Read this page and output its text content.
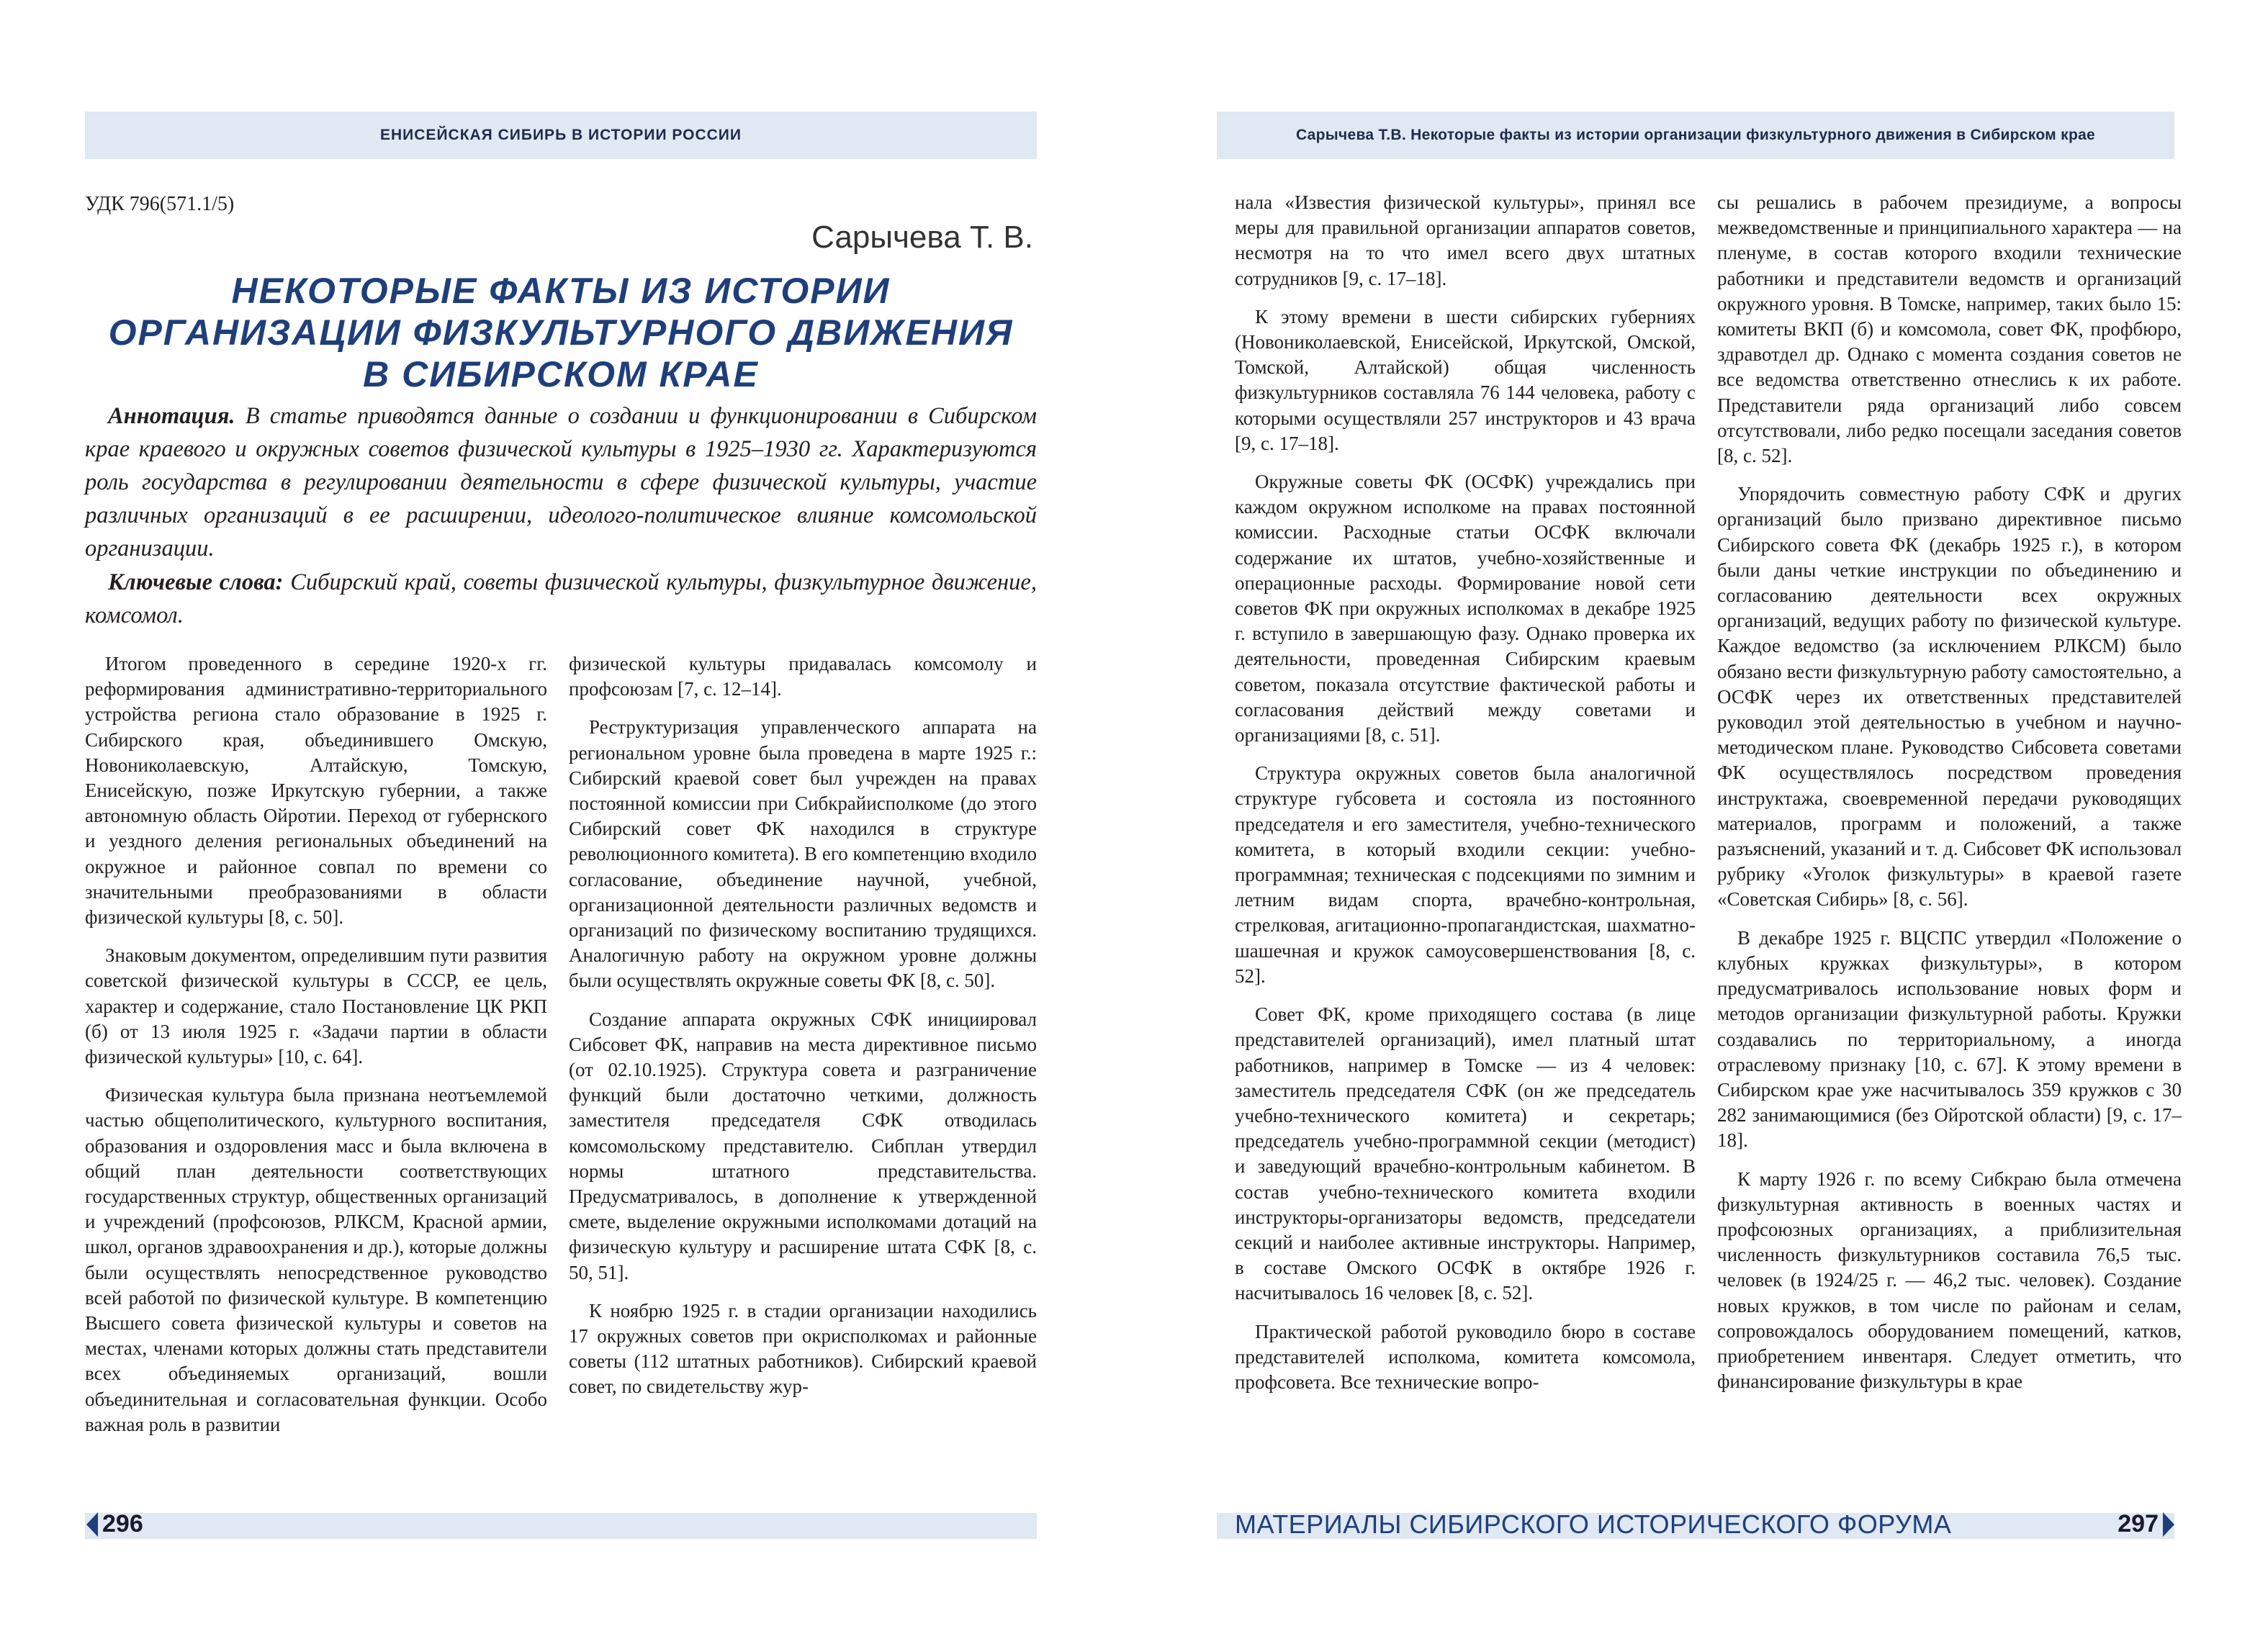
ЕНИСЕЙСКАЯ СИБИРЬ В ИСТОРИИ РОССИИ
УДК 796(571.1/5)
Сарычева Т. В.
НЕКОТОРЫЕ ФАКТЫ ИЗ ИСТОРИИ
ОРГАНИЗАЦИИ ФИЗКУЛЬТУРНОГО ДВИЖЕНИЯ
В СИБИРСКОМ КРАЕ
Аннотация. В статье приводятся данные о создании и функционировании в Сибирском крае краевого и окружных советов физической культуры в 1925–1930 гг. Характеризуются роль государства в регулировании деятельности в сфере физической культуры, участие различных организаций в ее расширении, идеолого-политическое влияние комсомольской организации.
Ключевые слова: Сибирский край, советы физической культуры, физкультурное движение, комсомол.

Итогом проведенного в середине 1920-х гг. реформирования административно-территориального устройства региона стало образование в 1925 г. Сибирского края, объединившего Омскую, Новониколаевскую, Алтайскую, Томскую, Енисейскую, позже Иркутскую губернии, а также автономную область Ойротии. Переход от губернского и уездного деления региональных объединений на окружное и районное совпал по времени со значительными преобразованиями в области физической культуры [8, с. 50].

Знаковым документом, определившим пути развития советской физической культуры в СССР, ее цель, характер и содержание, стало Постановление ЦК РКП (б) от 13 июля 1925 г. «Задачи партии в области физической культуры» [10, с. 64].

Физическая культура была признана неотъемлемой частью общеполитического, культурного воспитания, образования и оздоровления масс и была включена в общий план деятельности соответствующих государственных структур, общественных организаций и учреждений (профсоюзов, РЛКСМ, Красной армии, школ, органов здравоохранения и др.), которые должны были осуществлять непосредственное руководство всей работой по физической культуре. В компетенцию Высшего совета физической культуры и советов на местах, членами которых должны стать представители всех объединяемых организаций, вошли объединительная и согласовательная функции. Особо важная роль в развитии

физической культуры придавалась комсомолу и профсоюзам [7, с. 12–14].

Реструктуризация управленческого аппарата на региональном уровне была проведена в марте 1925 г.: Сибирский краевой совет был учрежден на правах постоянной комиссии при Сибкрайисполкоме (до этого Сибирский совет ФК находился в структуре революционного комитета). В его компетенцию входило согласование, объединение научной, учебной, организационной деятельности различных ведомств и организаций по физическому воспитанию трудящихся. Аналогичную работу на окружном уровне должны были осуществлять окружные советы ФК [8, с. 50].

Создание аппарата окружных СФК инициировал Сибсовет ФК, направив на места директивное письмо (от 02.10.1925). Структура совета и разграничение функций были достаточно четкими, должность заместителя председателя СФК отводилась комсомольскому представителю. Сибплан утвердил нормы штатного представительства. Предусматривалось, в дополнение к утвержденной смете, выделение окружными исполкомами дотаций на физическую культуру и расширение штата СФК [8, с. 50, 51].

К ноябрю 1925 г. в стадии организации находились 17 окружных советов при окрисполкомах и районные советы (112 штатных работников). Сибирский краевой совет, по свидетельству жур-

296
Сарычева Т.В. Некоторые факты из истории организации физкультурного движения в Сибирском крае

нала «Известия физической культуры», принял все меры для правильной организации аппаратов советов, несмотря на то что имел всего двух штатных сотрудников [9, с. 17–18].

К этому времени в шести сибирских губерниях (Новониколаевской, Енисейской, Иркутской, Омской, Томской, Алтайской) общая численность физкультурников составляла 76 144 человека, работу с которыми осуществляли 257 инструкторов и 43 врача [9, с. 17–18].

Окружные советы ФК (ОСФК) учреждались при каждом окружном исполкоме на правах постоянной комиссии. Расходные статьи ОСФК включали содержание их штатов, учебно-хозяйственные и операционные расходы. Формирование новой сети советов ФК при окружных исполкомах в декабре 1925 г. вступило в завершающую фазу. Однако проверка их деятельности, проведенная Сибирским краевым советом, показала отсутствие фактической работы и согласования действий между советами и организациями [8, с. 51].

Структура окружных советов была аналогичной структуре губсовета и состояла из постоянного председателя и его заместителя, учебно-технического комитета, в который входили секции: учебно-программная; техническая с подсекциями по зимним и летним видам спорта, врачебно-контрольная, стрелковая, агитационно-пропагандистская, шахматно-шашечная и кружок самоусовершенствования [8, с. 52].

Совет ФК, кроме приходящего состава (в лице представителей организаций), имел платный штат работников, например в Томске — из 4 человек: заместитель председателя СФК (он же председатель учебно-технического комитета) и секретарь; председатель учебно-программной секции (методист) и заведующий врачебно-контрольным кабинетом. В состав учебно-технического комитета входили инструкторы-организаторы ведомств, председатели секций и наиболее активные инструкторы. Например, в составе Омского ОСФК в октябре 1926 г. насчитывалось 16 человек [8, с. 52].

Практической работой руководило бюро в составе представителей исполкома, комитета комсомола, профсовета. Все технические вопро-

сы решались в рабочем президиуме, а вопросы межведомственные и принципиального характера — на пленуме, в состав которого входили технические работники и представители ведомств и организаций окружного уровня. В Томске, например, таких было 15: комитеты ВКП (б) и комсомола, совет ФК, профбюро, здравотдел др. Однако с момента создания советов не все ведомства ответственно отнеслись к их работе. Представители ряда организаций либо совсем отсутствовали, либо редко посещали заседания советов [8, с. 52].

Упорядочить совместную работу СФК и других организаций было призвано директивное письмо Сибирского совета ФК (декабрь 1925 г.), в котором были даны четкие инструкции по объединению и согласованию деятельности всех окружных организаций, ведущих работу по физической культуре. Каждое ведомство (за исключением РЛКСМ) было обязано вести физкультурную работу самостоятельно, а ОСФК через их ответственных представителей руководил этой деятельностью в учебном и научно-методическом плане. Руководство Сибсовета советами ФК осуществлялось посредством проведения инструктажа, своевременной передачи руководящих материалов, программ и положений, а также разъяснений, указаний и т. д. Сибсовет ФК использовал рубрику «Уголок физкультуры» в краевой газете «Советская Сибирь» [8, с. 56].

В декабре 1925 г. ВЦСПС утвердил «Положение о клубных кружках физкультуры», в котором предусматривалось использование новых форм и методов организации физкультурной работы. Кружки создавались по территориальному, а иногда отраслевому признаку [10, с. 67]. К этому времени в Сибирском крае уже насчитывалось 359 кружков с 30 282 занимающимися (без Ойротской области) [9, с. 17–18].

К марту 1926 г. по всему Сибкраю была отмечена физкультурная активность в военных частях и профсоюзных организациях, а приблизительная численность физкультурников составила 76,5 тыс. человек (в 1924/25 г. — 46,2 тыс. человек). Создание новых кружков, в том числе по районам и селам, сопровождалось оборудованием помещений, катков, приобретением инвентаря. Следует отметить, что финансирование физкультуры в крае

МАТЕРИАЛЫ СИБИРСКОГО ИСТОРИЧЕСКОГО ФОРУМА	297
